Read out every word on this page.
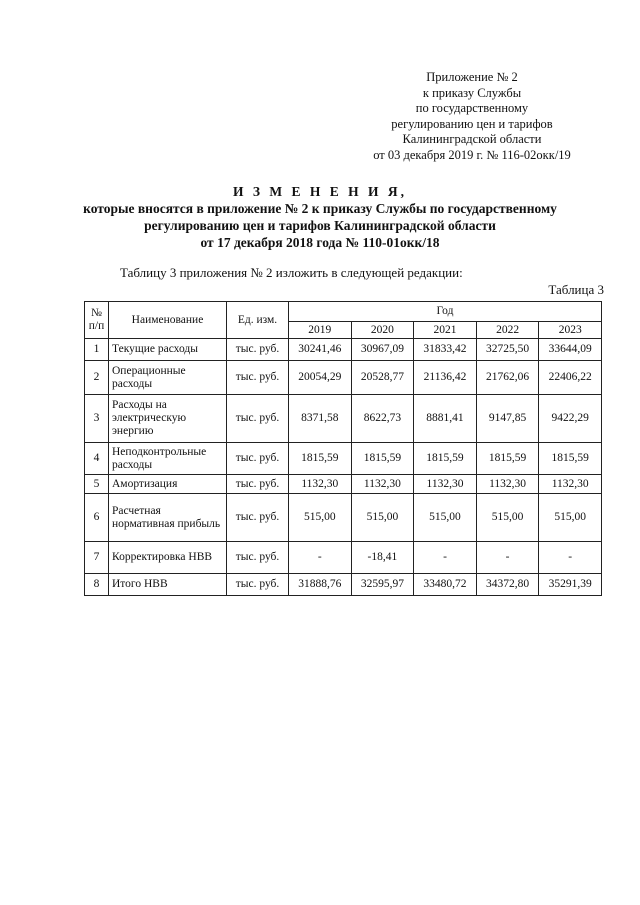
Приложение № 2
к приказу Службы
по государственному
регулированию цен и тарифов
Калининградской области
от 03 декабря 2019 г. № 116-02окк/19
И З М Е Н Е Н И Я,
которые вносятся в приложение № 2 к приказу Службы по государственному
регулированию цен и тарифов Калининградской области
от 17 декабря 2018 года № 110-01окк/18
Таблицу 3 приложения № 2 изложить в следующей редакции:
Таблица 3
№ п/п	Наименование	Ед. изм.	Год				
			2019	2020	2021	2022	2023
1	Текущие расходы	тыс. руб.	30241,46	30967,09	31833,42	32725,50	33644,09
2	Операционные расходы	тыс. руб.	20054,29	20528,77	21136,42	21762,06	22406,22
3	Расходы на электрическую энергию	тыс. руб.	8371,58	8622,73	8881,41	9147,85	9422,29
4	Неподконтрольные расходы	тыс. руб.	1815,59	1815,59	1815,59	1815,59	1815,59
5	Амортизация	тыс. руб.	1132,30	1132,30	1132,30	1132,30	1132,30
6	Расчетная нормативная прибыль	тыс. руб.	515,00	515,00	515,00	515,00	515,00
7	Корректировка НВВ	тыс. руб.	-	-18,41	-	-	-
8	Итого НВВ	тыс. руб.	31888,76	32595,97	33480,72	34372,80	35291,39
